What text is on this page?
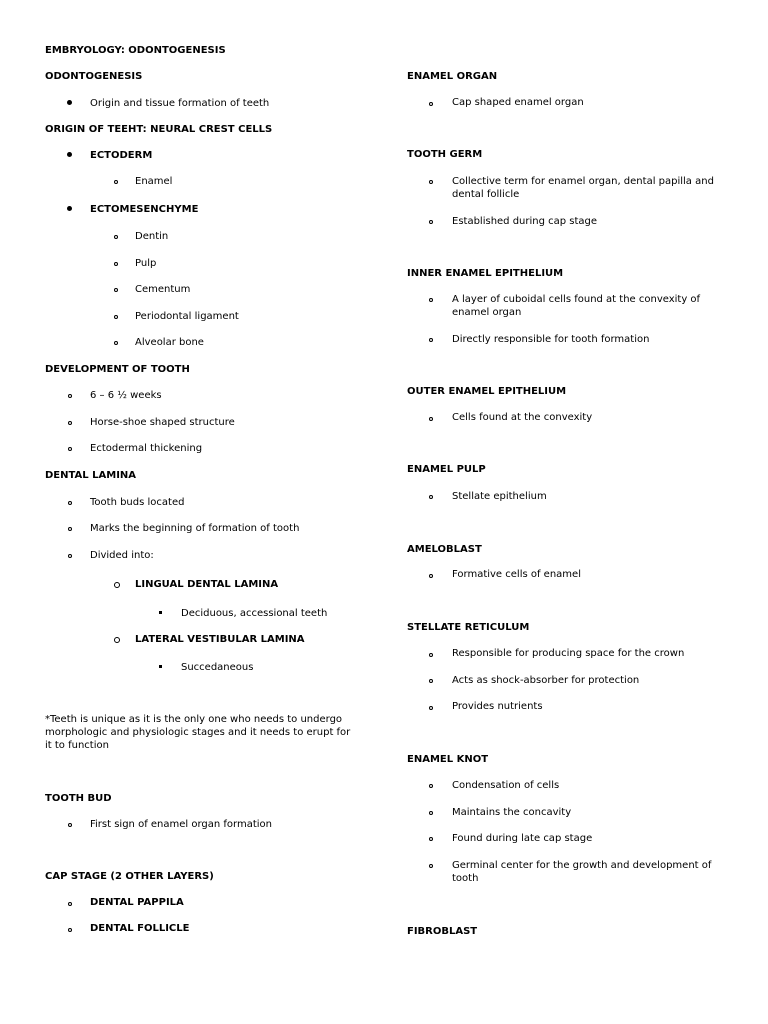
EMBRYOLOGY: ODONTOGENESIS
ODONTOGENESIS
Origin and tissue formation of teeth
ORIGIN OF TEEHT: NEURAL CREST CELLS
ECTODERM
Enamel
ECTOMESENCHYME
Dentin
Pulp
Cementum
Periodontal ligament
Alveolar bone
DEVELOPMENT OF TOOTH
6 – 6 ½ weeks
Horse-shoe shaped structure
Ectodermal thickening
DENTAL LAMINA
Tooth buds located
Marks the beginning of formation of tooth
Divided into:
LINGUAL DENTAL LAMINA
Deciduous, accessional teeth
LATERAL VESTIBULAR LAMINA
Succedaneous
*Teeth is unique as it is the only one who needs to undergo morphologic and physiologic stages and it needs to erupt for it to function
TOOTH BUD
First sign of enamel organ formation
CAP STAGE (2 OTHER LAYERS)
DENTAL PAPPILA
DENTAL FOLLICLE
ENAMEL ORGAN
Cap shaped enamel organ
TOOTH GERM
Collective term for enamel organ, dental papilla and dental follicle
Established during cap stage
INNER ENAMEL EPITHELIUM
A layer of cuboidal cells found at the convexity of enamel organ
Directly responsible for tooth formation
OUTER ENAMEL EPITHELIUM
Cells found at the convexity
ENAMEL PULP
Stellate epithelium
AMELOBLAST
Formative cells of enamel
STELLATE RETICULUM
Responsible for producing space for the crown
Acts as shock-absorber for protection
Provides nutrients
ENAMEL KNOT
Condensation of cells
Maintains the concavity
Found during late cap stage
Germinal center for the growth and development of tooth
FIBROBLAST
